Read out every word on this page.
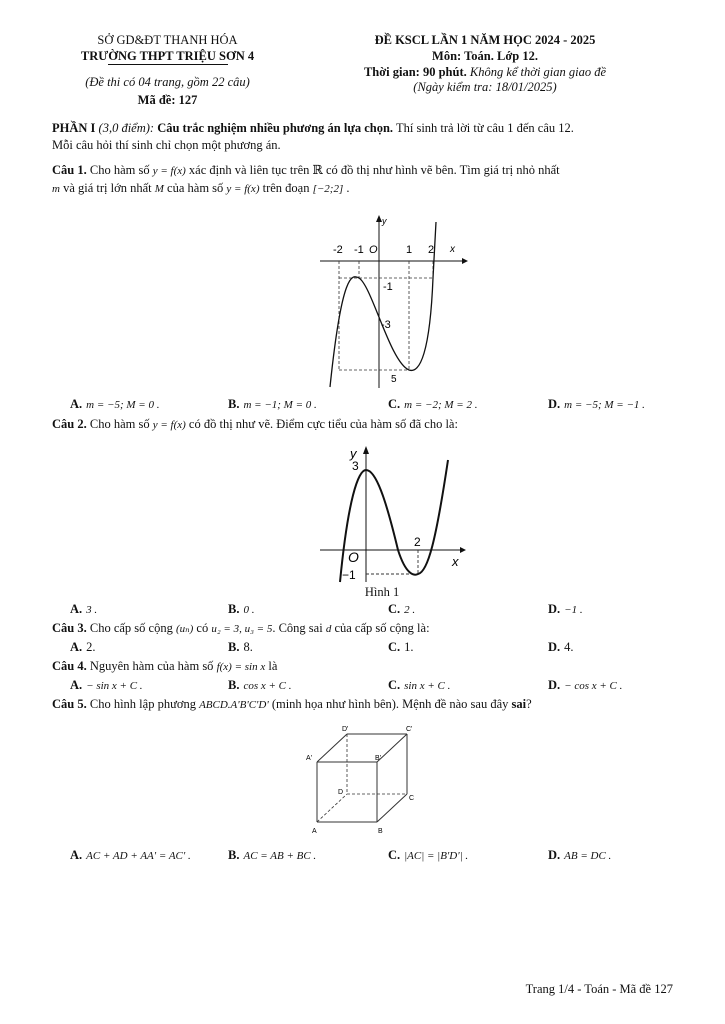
SỞ GD&ĐT THANH HÓA
TRƯỜNG THPT TRIỆU SƠN 4
(Đề thi có 04 trang, gồm 22 câu)
Mã đề: 127
ĐỀ KSCL LẦN 1 NĂM HỌC 2024 - 2025
Môn: Toán. Lớp 12.
Thời gian: 90 phút. Không kể thời gian giao đề
(Ngày kiểm tra: 18/01/2025)
PHẦN I (3,0 điểm): Câu trắc nghiệm nhiều phương án lựa chọn. Thí sinh trả lời từ câu 1 đến câu 12.
Mỗi câu hỏi thí sinh chỉ chọn một phương án.
Câu 1. Cho hàm số y = f(x) xác định và liên tục trên ℝ có đồ thị như hình vẽ bên. Tìm giá trị nhỏ nhất
m và giá trị lớn nhất M của hàm số y = f(x) trên đoạn [−2;2] .
y
x
O
-2 -1	1 2
-1
-3
5
A. m = −5; M = 0 .	B. m = −1; M = 0 .	C. m = −2; M = 2 .	D. m = −5; M = −1 .
Câu 2. Cho hàm số y = f(x) có đồ thị như vẽ. Điểm cực tiểu của hàm số đã cho là:
y
x
3
O
−1
2
Hình 1
A. 3 .	B. 0 .	C. 2 .	D. −1 .
Câu 3. Cho cấp số cộng (uₙ) có u₂ = 3, u₃ = 5. Công sai d của cấp số cộng là:
A. 2.	B. 8.	C. 1.	D. 4.
Câu 4. Nguyên hàm của hàm số f(x) = sin x là
A. − sin x + C .	B. cos x + C .	C. sin x + C .	D. − cos x + C .
Câu 5. Cho hình lập phương ABCD.A'B'C'D' (minh họa như hình bên). Mệnh đề nào sau đây sai?
A	B
C
D
A'	B'
C'
D'
A. AC + AD + AA' = AC' .	B. AC = AB + BC .	C. |AC| = |B'D'| .	D. AB = DC .
Trang 1/4 - Toán - Mã đề 127
